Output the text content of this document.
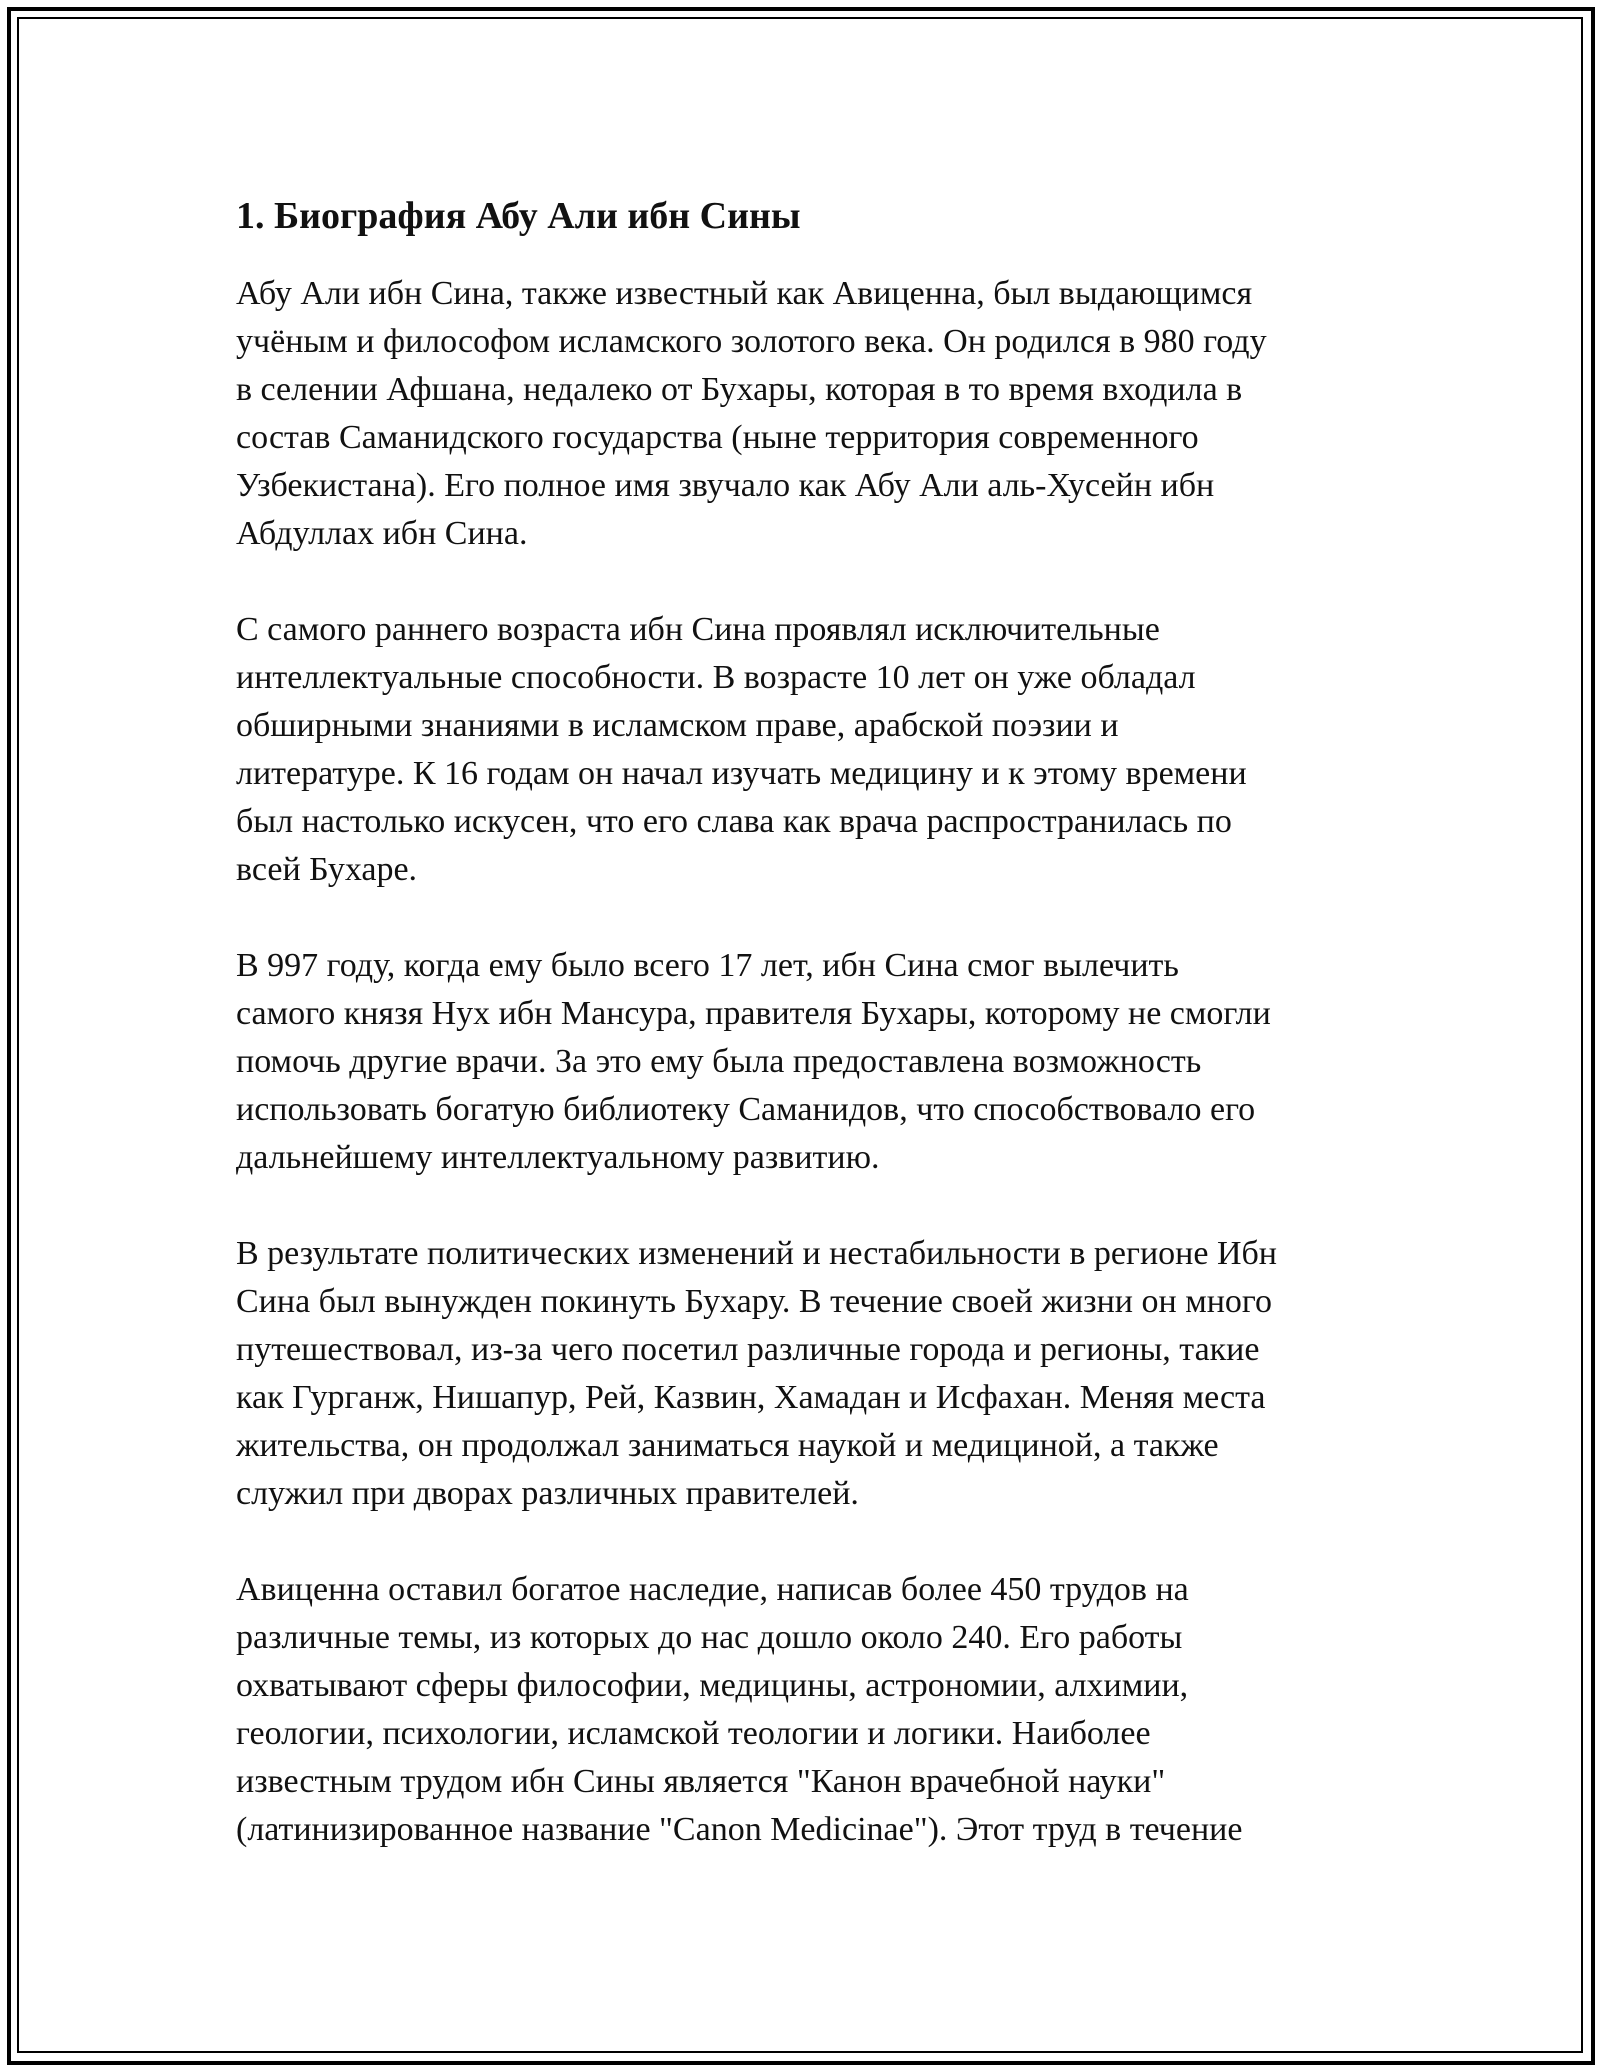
1. Биография Абу Али ибн Сины
Абу Али ибн Сина, также известный как Авиценна, был выдающимся
учёным и философом исламского золотого века. Он родился в 980 году
в селении Афшана, недалеко от Бухары, которая в то время входила в
состав Саманидского государства (ныне территория современного
Узбекистана). Его полное имя звучало как Абу Али аль-Хусейн ибн
Абдуллах ибн Сина.
С самого раннего возраста ибн Сина проявлял исключительные
интеллектуальные способности. В возрасте 10 лет он уже обладал
обширными знаниями в исламском праве, арабской поэзии и
литературе. К 16 годам он начал изучать медицину и к этому времени
был настолько искусен, что его слава как врача распространилась по
всей Бухаре.
В 997 году, когда ему было всего 17 лет, ибн Сина смог вылечить
самого князя Нух ибн Мансура, правителя Бухары, которому не смогли
помочь другие врачи. За это ему была предоставлена возможность
использовать богатую библиотеку Саманидов, что способствовало его
дальнейшему интеллектуальному развитию.
В результате политических изменений и нестабильности в регионе Ибн
Сина был вынужден покинуть Бухару. В течение своей жизни он много
путешествовал, из-за чего посетил различные города и регионы, такие
как Гурганж, Нишапур, Рей, Казвин, Хамадан и Исфахан. Меняя места
жительства, он продолжал заниматься наукой и медициной, а также
служил при дворах различных правителей.
Авиценна оставил богатое наследие, написав более 450 трудов на
различные темы, из которых до нас дошло около 240. Его работы
охватывают сферы философии, медицины, астрономии, алхимии,
геологии, психологии, исламской теологии и логики. Наиболее
известным трудом ибн Сины является "Канон врачебной науки"
(латинизированное название "Canon Medicinae"). Этот труд в течение
